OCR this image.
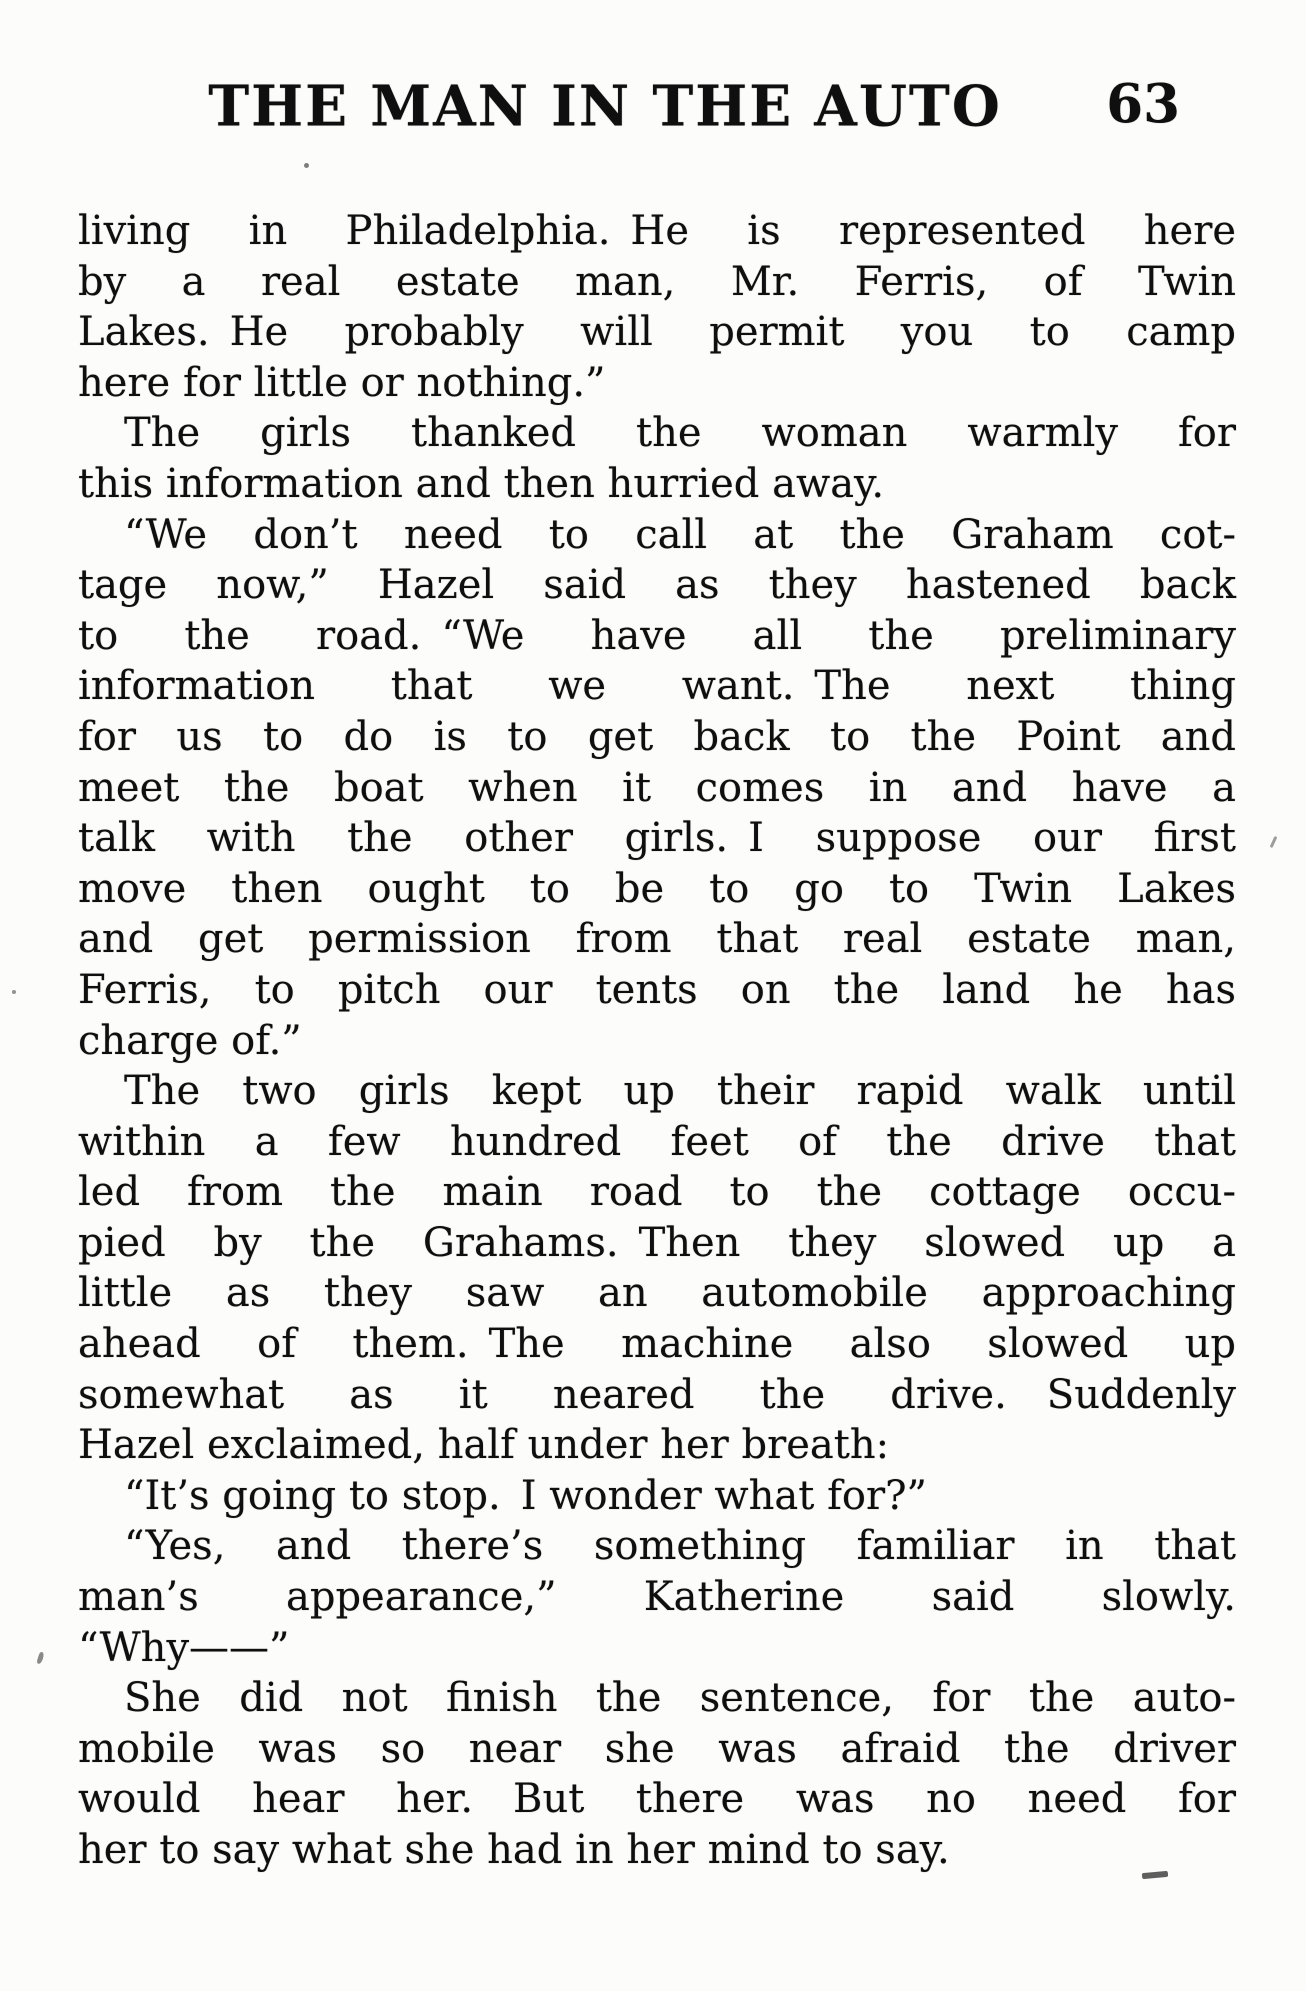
THE MAN IN THE AUTO	63
living in Philadelphia. He is represented here
by a real estate man, Mr. Ferris, of Twin
Lakes. He probably will permit you to camp
here for little or nothing.”
The girls thanked the woman warmly for
this information and then hurried away.
“We don’t need to call at the Graham cot-
tage now,” Hazel said as they hastened back
to the road. “We have all the preliminary
information that we want. The next thing
for us to do is to get back to the Point and
meet the boat when it comes in and have a
talk with the other girls. I suppose our first
move then ought to be to go to Twin Lakes
and get permission from that real estate man,
Ferris, to pitch our tents on the land he has
charge of.”
The two girls kept up their rapid walk until
within a few hundred feet of the drive that
led from the main road to the cottage occu-
pied by the Grahams. Then they slowed up a
little as they saw an automobile approaching
ahead of them. The machine also slowed up
somewhat as it neared the drive.  Suddenly
Hazel exclaimed, half under her breath:
“It’s going to stop. I wonder what for?”
“Yes, and there’s something familiar in that
man’s appearance,” Katherine said slowly.
“Why——”
She did not finish the sentence, for the auto-
mobile was so near she was afraid the driver
would hear her.  But there was no need for
her to say what she had in her mind to say.
